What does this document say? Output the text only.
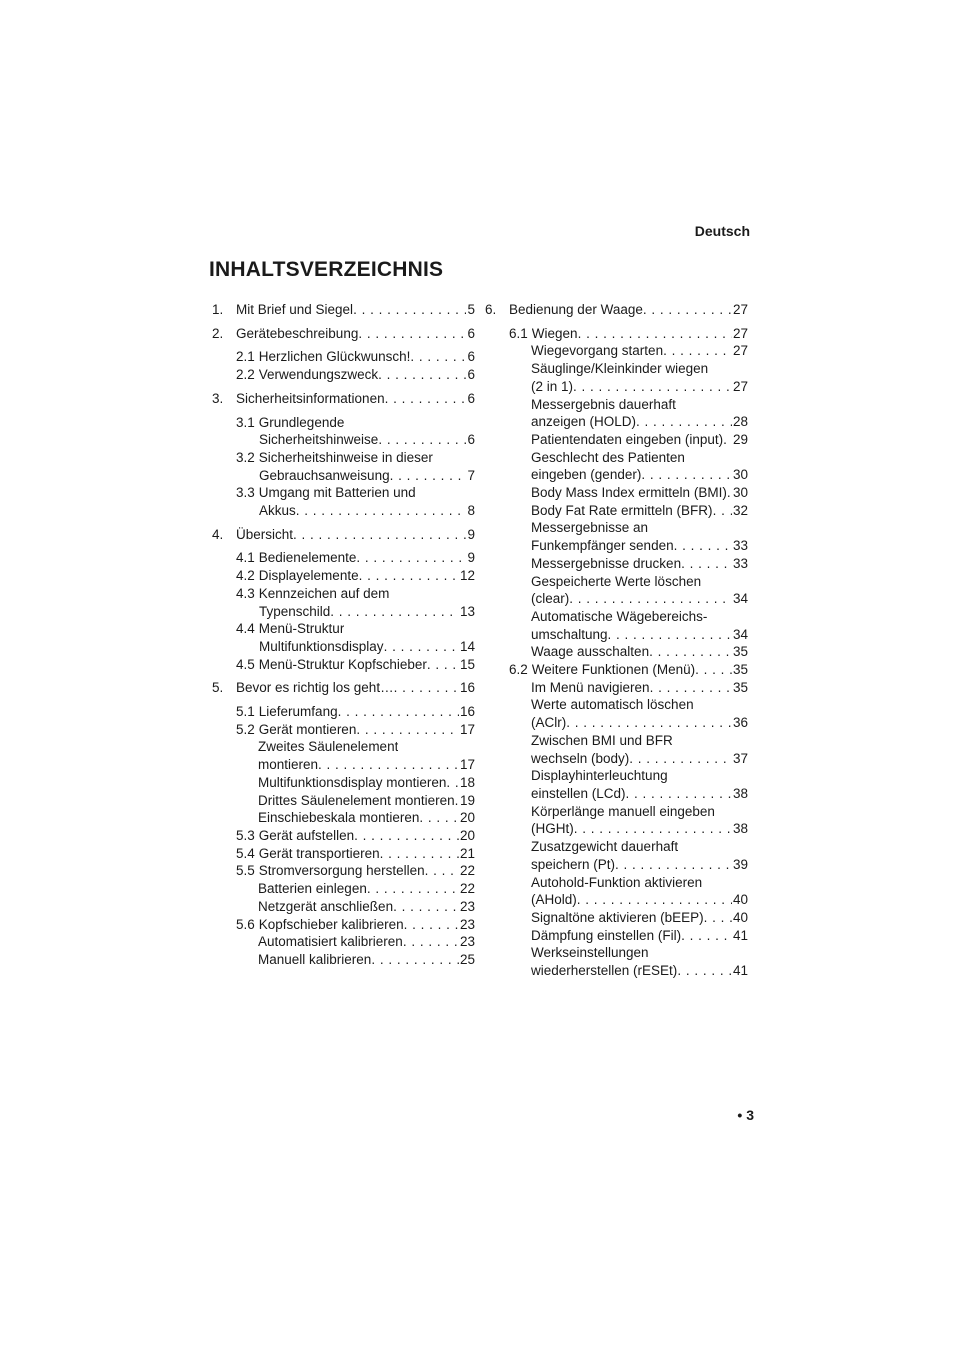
Deutsch
INHALTSVERZEICHNIS
1. Mit Brief und Siegel . . .	5
2. Gerätebeschreibung . . .	6
2.1 Herzlichen Glückwunsch! . . .	6
2.2 Verwendungszweck . . .	6
3. Sicherheitsinformationen . . .	6
3.1 Grundlegende
Sicherheitshinweise . . .	6
3.2 Sicherheitshinweise in dieser
Gebrauchsanweisung . . .	7
3.3 Umgang mit Batterien und
Akkus . . .	8
4. Übersicht . . .	9
4.1 Bedienelemente . . .	9
4.2 Displayelemente . . .	12
4.3 Kennzeichen auf dem
Typenschild . . .	13
4.4 Menü-Struktur
Multifunktionsdisplay . . .	14
4.5 Menü-Struktur Kopfschieber . . . 15
5. Bevor es richtig los geht… . . .	16
5.1 Lieferumfang . . .	16
5.2 Gerät montieren . . .	17
Zweites Säulenelement
montieren . . .	17
Multifunktionsdisplay montieren . . . 18
Drittes Säulenelement montieren . . . 19
Einschiebeskala montieren . . .	20
5.3 Gerät aufstellen . . .	20
5.4 Gerät transportieren . . .	21
5.5 Stromversorgung herstellen . . .	22
Batterien einlegen . . .	22
Netzgerät anschließen . . .	23
5.6 Kopfschieber kalibrieren . . .	23
Automatisiert kalibrieren . . .	23
Manuell kalibrieren . . .	25
6. Bedienung der Waage . . .	27
6.1 Wiegen . . .	27
Wiegevorgang starten . . .	27
Säuglinge/Kleinkinder wiegen
(2 in 1) . . .	27
Messergebnis dauerhaft
anzeigen (HOLD) . . .	28
Patientendaten eingeben (input) . . . 29
Geschlecht des Patienten
eingeben (gender) . . .	30
Body Mass Index ermitteln (BMI) . . . 30
Body Fat Rate ermitteln (BFR) . . . 32
Messergebnisse an
Funkempfänger senden . . .	33
Messergebnisse drucken . . .	33
Gespeicherte Werte löschen
(clear) . . .	34
Automatische Wägebereichs-
umschaltung . . .	34
Waage ausschalten . . .	35
6.2 Weitere Funktionen (Menü) . . .	35
Im Menü navigieren . . .	35
Werte automatisch löschen
(AClr) . . .	36
Zwischen BMI und BFR
wechseln (body) . . .	37
Displayhinterleuchtung
einstellen (LCd) . . .	38
Körperlänge manuell eingeben
(HGHt) . . .	38
Zusatzgewicht dauerhaft
speichern (Pt) . . .	39
Autohold-Funktion aktivieren
(AHold) . . .	40
Signaltöne aktivieren (bEEP) . . . 40
Dämpfung einstellen (Fil) . . .	41
Werkseinstellungen
wiederherstellen (rESEt) . . .	41
• 3
